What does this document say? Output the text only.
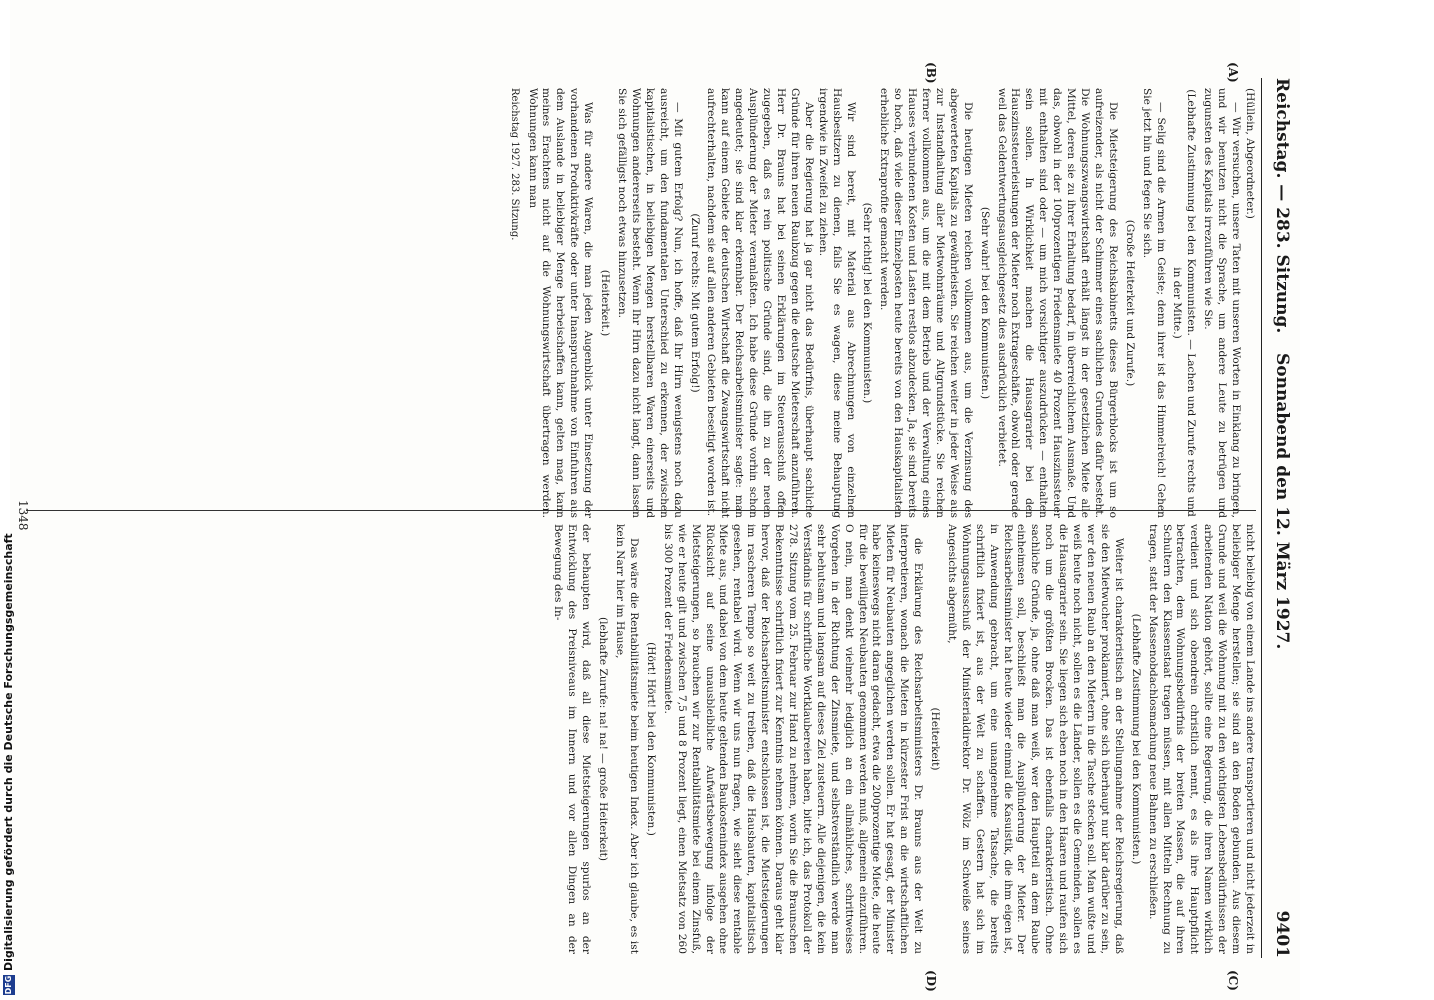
Reichstag. — 283. Sitzung.
Sonnabend den 12. März 1927.
9401
(A)
(B)
(C)
(D)

(Hüllein, Abgeordneter.)

— Wir versuchen, unsere Taten mit unseren Worten in Einklang zu bringen, und wir benutzen nicht die Sprache, um andere Leute zu betrügen und zugunsten des Kapitals irrezuführen wie Sie.

(Lebhafte Zustimmung bei den Kommunisten. — Lachen und Zurufe rechts und in der Mitte.)

— Selig sind die Armen im Geiste; denn ihrer ist das Himmelreich! Gehen Sie jetzt hin und fegen Sie sich.

(Große Heiterkeit und Zurufe.)

Die Mietsteigerung des Reichskabinetts dieses Bürgerblocks ist um so aufreizender, als nicht der Schimmer eines sachlichen Grundes dafür besteht. Die Wohnungszwangswirtschaft erhält längst in der gesetzlichen Miete alle Mittel, deren sie zu ihrer Erhaltung bedarf, in überreichlichem Ausmaße. Und das, obwohl in der 100prozentigen Friedensmiete 40 Prozent Hauszinssteuer mit enthalten sind oder — um mich vorsichtiger auszudrücken — enthalten sein sollen. In Wirklichkeit machen die Hausagrarier bei den Hauszinssteuerleistungen der Mieter noch Extrageschäfte, obwohl oder gerade weil das Geldentwertungsausgleichgesetz dies ausdrücklich verbietet.

(Sehr wahr! bei den Kommunisten.)

Die heutigen Mieten reichen vollkommen aus, um die Verzinsung des abgewerteten Kapitals zu gewährleisten. Sie reichen weiter in jeder Weise aus zur Instandhaltung aller Mietwohnräume und Altgrundstücke. Sie reichen ferner vollkommen aus, um die mit dem Betrieb und der Verwaltung eines Hauses verbundenen Kosten und Lasten restlos abzudecken. Ja, sie sind bereits so hoch, daß viele dieser Einzelposten heute bereits von den Hauskapitalisten erhebliche Extraprofite gemacht werden.

(Sehr richtig! bei den Kommunisten.)

Wir sind bereit, mit Material aus Abrechnungen von einzelnen Hausbesitzern zu dienen, falls Sie es wagen, diese meine Behauptung irgendwie in Zweifel zu ziehen.

Aber die Regierung hat ja gar nicht das Bedürfnis, überhaupt sachliche Gründe für ihren neuen Raubzug gegen die deutsche Mieterschaft anzuführen. Herr Dr. Brauns hat bei seinen Erklärungen im Steuerausschuß offen zugegeben, daß es rein politische Gründe sind, die ihn zu der neuen Ausplünderung der Mieter veranlaßten. Ich habe diese Gründe vorhin schon angedeutet; sie sind klar erkennbar. Der Reichsarbeitsminister sagte: man kann auf einem Gebiete der deutschen Wirtschaft die Zwangswirtschaft nicht aufrechterhalten, nachdem sie auf allen anderen Gebieten beseitigt worden ist.

(Zuruf rechts: Mit gutem Erfolg!)

— Mit gutem Erfolg? Nun, ich hoffe, daß Ihr Hirn wenigstens noch dazu ausreicht, um den fundamentalen Unterschied zu erkennen, der zwischen kapitalistischen, in beliebigen Mengen herstellbaren Waren einerseits und Wohnungen andererseits besteht. Wenn Ihr Hirn dazu nicht langt, dann lassen Sie sich gefälligst noch etwas hinzusetzen.

(Heiterkeit.)

Was für andere Waren, die man jeden Augenblick unter Einsetzung der vorhandenen Produktivkräfte oder unter Inanspruchnahme von Einfuhren aus dem Auslande in beliebiger Menge herbeischaffen kann, gelten mag, kann meines Erachtens nicht auf die Wohnungswirtschaft übertragen werden. Wohnungen kann man

Reichstag 1927. 283. Sitzung.

nicht beliebig von einem Lande ins andere transportieren und nicht jederzeit in beliebiger Menge herstellen; sie sind an den Boden gebunden. Aus diesem Grunde und weil die Wohnung mit zu den wichtigsten Lebensbedürfnissen der arbeitenden Nation gehört, sollte eine Regierung, die ihren Namen wirklich verdient und sich obendrein christlich nennt, es als ihre Hauptpflicht betrachten, dem Wohnungsbedürfnis der breiten Massen, die auf ihren Schultern den Klassenstaat tragen müssen, mit allen Mitteln Rechnung zu tragen, statt der Massenobdachlosmachung neue Bahnen zu erschließen.

(Lebhafte Zustimmung bei den Kommunisten.)

Weiter ist charakteristisch an der Stellungnahme der Reichsregierung, daß sie den Mietwucher proklamiert, ohne sich überhaupt nur klar darüber zu sein, wer den neuen Raub an den Mietern in die Tasche stecken soll. Man wußte und weiß heute noch nicht, sollen es die Länder, sollen es die Gemeinden, sollen es die Hausagrarier sein. Sie liegen sich eben noch in den Haaren und raufen sich noch um die größten Brocken. Das ist ebenfalls charakteristisch. Ohne sachliche Gründe, ja, ohne daß man weiß, wer den Hauptteil an dem Raube einheimsen soll, beschließt man die Ausplünderung der Mieter. Der Reichsarbeitsminister hat heute wieder einmal die Kasuistik, die ihm eigen ist, in Anwendung gebracht, um eine unangenehme Tatsache, die bereits schriftlich fixiert ist, aus der Welt zu schaffen. Gestern hat sich im Wohnungsausschuß der Ministerialdirektor Dr. Wölz im Schweiße seines Angesichts abgemüht,

(Heiterkeit)

die Erklärung des Reichsarbeitsministers Dr. Brauns aus der Welt zu interpretieren, wonach die Mieten in kürzester Frist an die wirtschaftlichen Mieten für Neubauten angeglichen werden sollen. Er hat gesagt, der Minister habe keineswegs nicht daran gedacht, etwa die 200prozentige Miete, die heute für die bewilligten Neubauten genommen werden muß, allgemein einzuführen. O nein, man denkt vielmehr lediglich an ein allmähliches, schrittweises Vorgehen in der Richtung der Zinsmiete, und selbstverständlich werde man sehr behutsam und langsam auf dieses Ziel zusteuern. Alle diejenigen, die kein Verständnis für schriftliche Wortklaubereien haben, bitte ich, das Protokoll der 278. Sitzung vom 25. Februar zur Hand zu nehmen, worin Sie die Braunschen Bekenntnisse schriftlich fixiert zur Kenntnis nehmen können. Daraus geht klar hervor, daß der Reichsarbeitsminister entschlossen ist, die Mietsteigerungen im rascheren Tempo so weit zu treiben, daß die Hausbauten, kapitalistisch gesehen, rentabel wird. Wenn wir uns nun fragen, wie sieht diese rentable Miete aus, und dabei von dem heute geltenden Baukostenindex ausgehen ohne Rücksicht auf seine unausbleibliche Aufwärtsbewegung infolge der Mietsteigerungen, so brauchen wir zur Rentabilitätsmiete bei einem Zinsfuß, wie er heute gilt und zwischen 7,5 und 8 Prozent liegt, einen Mietsatz von 260 bis 300 Prozent der Friedensmiete.

(Hört! Hört! bei den Kommunisten.)

Das wäre die Rentabilitätsmiete beim heutigen Index. Aber ich glaube, es ist kein Narr hier im Hause,

(lebhafte Zurufe: na! na! — große Heiterkeit)

der behaupten wird, daß all diese Mietsteigerungen spurlos an der Entwicklung des Preisniveaus im Innern und vor allen Dingen an der Bewegung des In-

1348
DFGDigitalisierung gefördert durch die Deutsche Forschungsgemeinschaft
